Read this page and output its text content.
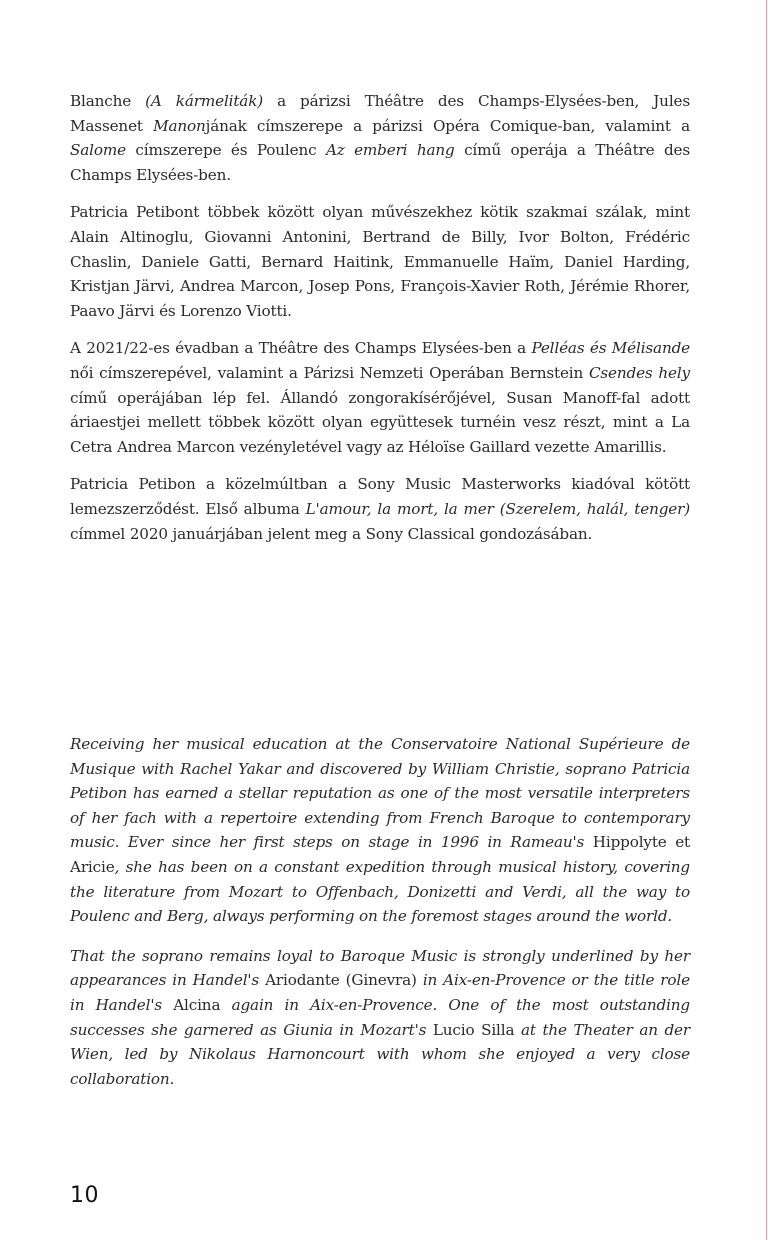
Blanche (A kármeliták) a párizsi Théâtre des Champs-Elysées-ben, Jules Massenet Manonjának címszerepe a párizsi Opéra Comique-ban, valamint a Salome címszerepe és Poulenc Az emberi hang című operája a Théâtre des Champs Elysées-ben.

Patricia Petibont többek között olyan művészekhez kötik szakmai szálak, mint Alain Altinoglu, Giovanni Antonini, Bertrand de Billy, Ivor Bolton, Frédéric Chaslin, Daniele Gatti, Bernard Haitink, Emmanuelle Haïm, Daniel Harding, Kristjan Järvi, Andrea Marcon, Josep Pons, François-Xavier Roth, Jérémie Rhorer, Paavo Järvi és Lorenzo Viotti.

A 2021/22-es évadban a Théâtre des Champs Elysées-ben a Pelléas és Mélisande női címszerepével, valamint a Párizsi Nemzeti Operában Bernstein Csendes hely című operájában lép fel. Állandó zongorakísérőjével, Susan Manoff-fal adott áriaestjei mellett többek között olyan együttesek turnéin vesz részt, mint a La Cetra Andrea Marcon vezényletével vagy az Héloïse Gaillard vezette Amarillis.

Patricia Petibon a közelmúltban a Sony Music Masterworks kiadóval kötött lemezszerződést. Első albuma L'amour, la mort, la mer (Szerelem, halál, tenger) címmel 2020 januárjában jelent meg a Sony Classical gondozásában.

Receiving her musical education at the Conservatoire National Supérieure de Musique with Rachel Yakar and discovered by William Christie, soprano Patricia Petibon has earned a stellar reputation as one of the most versatile interpreters of her fach with a repertoire extending from French Baroque to contemporary music. Ever since her first steps on stage in 1996 in Rameau's Hippolyte et Aricie, she has been on a constant expedition through musical history, covering the literature from Mozart to Offenbach, Donizetti and Verdi, all the way to Poulenc and Berg, always performing on the foremost stages around the world.

That the soprano remains loyal to Baroque Music is strongly underlined by her appearances in Handel's Ariodante (Ginevra) in Aix-en-Provence or the title role in Handel's Alcina again in Aix-en-Provence. One of the most outstanding successes she garnered as Giunia in Mozart's Lucio Silla at the Theater an der Wien, led by Nikolaus Harnoncourt with whom she enjoyed a very close collaboration.

10
